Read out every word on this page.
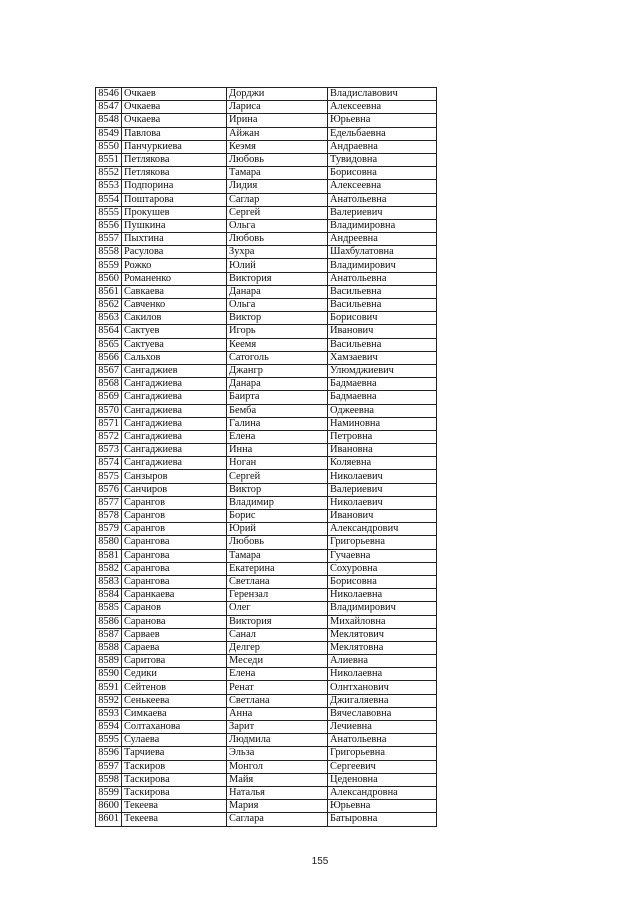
8546	Очкаев	Дорджи	Владиславович
8547	Очкаева	Лариса	Алексеевна
8548	Очкаева	Ирина	Юрьевна
8549	Павлова	Айжан	Едельбаевна
8550	Панчуркиева	Кеэмя	Андраевна
8551	Петлякова	Любовь	Тувидовна
8552	Петлякова	Тамара	Борисовна
8553	Подпорина	Лидия	Алексеевна
8554	Поштарова	Саглар	Анатольевна
8555	Прокушев	Сергей	Валериевич
8556	Пушкина	Ольга	Владимировна
8557	Пыхтина	Любовь	Андреевна
8558	Расулова	Зухра	Шахбулатовна
8559	Рожко	Юлий	Владимирович
8560	Романенко	Виктория	Анатольевна
8561	Савкаева	Данара	Васильевна
8562	Савченко	Ольга	Васильевна
8563	Сакилов	Виктор	Борисович
8564	Сактуев	Игорь	Иванович
8565	Сактуева	Кеемя	Васильевна
8566	Сальхов	Сатоголь	Хамзаевич
8567	Сангаджиев	Джангр	Улюмджиевич
8568	Сангаджиева	Данара	Бадмаевна
8569	Сангаджиева	Баирта	Бадмаевна
8570	Сангаджиева	Бемба	Оджеевна
8571	Сангаджиева	Галина	Наминовна
8572	Сангаджиева	Елена	Петровна
8573	Сангаджиева	Инна	Ивановна
8574	Сангаджиева	Ноган	Коляевна
8575	Санзыров	Сергей	Николаевич
8576	Санчиров	Виктор	Валериевич
8577	Сарангов	Владимир	Николаевич
8578	Сарангов	Борис	Иванович
8579	Сарангов	Юрий	Александрович
8580	Сарангова	Любовь	Григорьевна
8581	Сарангова	Тамара	Гучаевна
8582	Сарангова	Екатерина	Сохуровна
8583	Сарангова	Светлана	Борисовна
8584	Саранкаева	Герензал	Николаевна
8585	Саранов	Олег	Владимирович
8586	Саранова	Виктория	Михайловна
8587	Сарваев	Санал	Меклятович
8588	Сараева	Делгер	Меклятовна
8589	Саритова	Меседи	Алиевна
8590	Седики	Елена	Николаевна
8591	Сейтенов	Ренат	Олнтханович
8592	Сенькеева	Светлана	Джигаляевна
8593	Симкаева	Анна	Вячеславовна
8594	Солтаханова	Зарит	Лечиевна
8595	Сулаева	Людмила	Анатольевна
8596	Тарчиева	Эльза	Григорьевна
8597	Таскиров	Монгол	Сергеевич
8598	Таскирова	Майя	Цеденовна
8599	Таскирова	Наталья	Александровна
8600	Текеева	Мария	Юрьевна
8601	Текеева	Саглара	Батыровна
155
